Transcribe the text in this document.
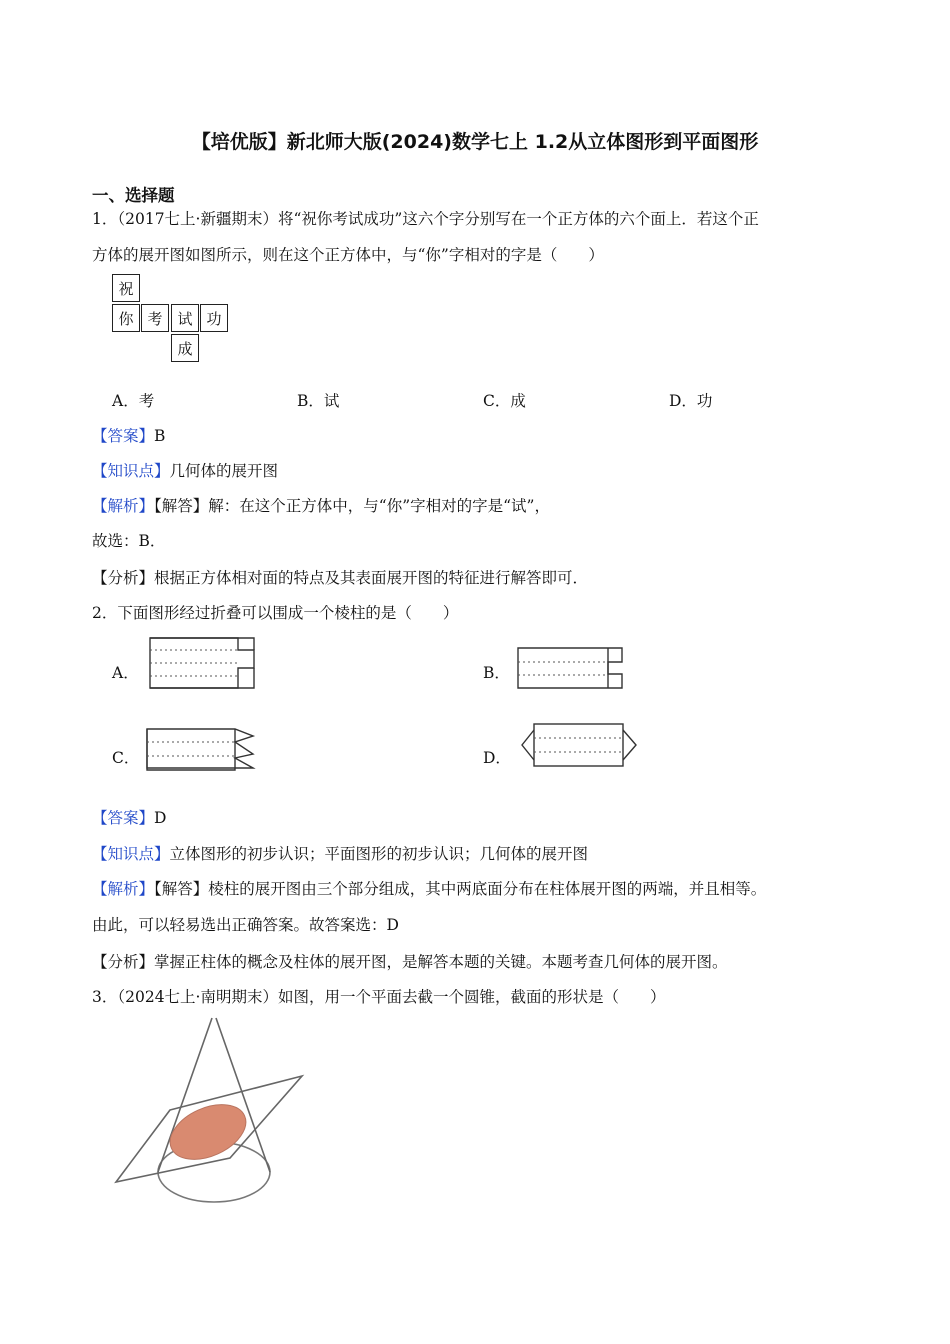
【培优版】新北师大版(2024)数学七上 1.2从立体图形到平面图形
一、选择题
1．（2017七上·新疆期末）将“祝你考试成功”这六个字分别写在一个正方体的六个面上．若这个正
方体的展开图如图所示，则在这个正方体中，与“你”字相对的字是（　　）
祝
你 考 试 功
成
A．考	B．试	C．成	D．功
【答案】B
【知识点】几何体的展开图
【解析】【解答】解：在这个正方体中，与“你”字相对的字是“试”，
故选：B．
【分析】根据正方体相对面的特点及其表面展开图的特征进行解答即可．
2．下面图形经过折叠可以围成一个棱柱的是（　　）
A．	B．
C．	D．
【答案】D
【知识点】立体图形的初步认识；平面图形的初步认识；几何体的展开图
【解析】【解答】棱柱的展开图由三个部分组成，其中两底面分布在柱体展开图的两端，并且相等。
由此，可以轻易选出正确答案。故答案选：D
【分析】掌握正柱体的概念及柱体的展开图，是解答本题的关键。本题考查几何体的展开图。
3．（2024七上·南明期末）如图，用一个平面去截一个圆锥，截面的形状是（　　）
